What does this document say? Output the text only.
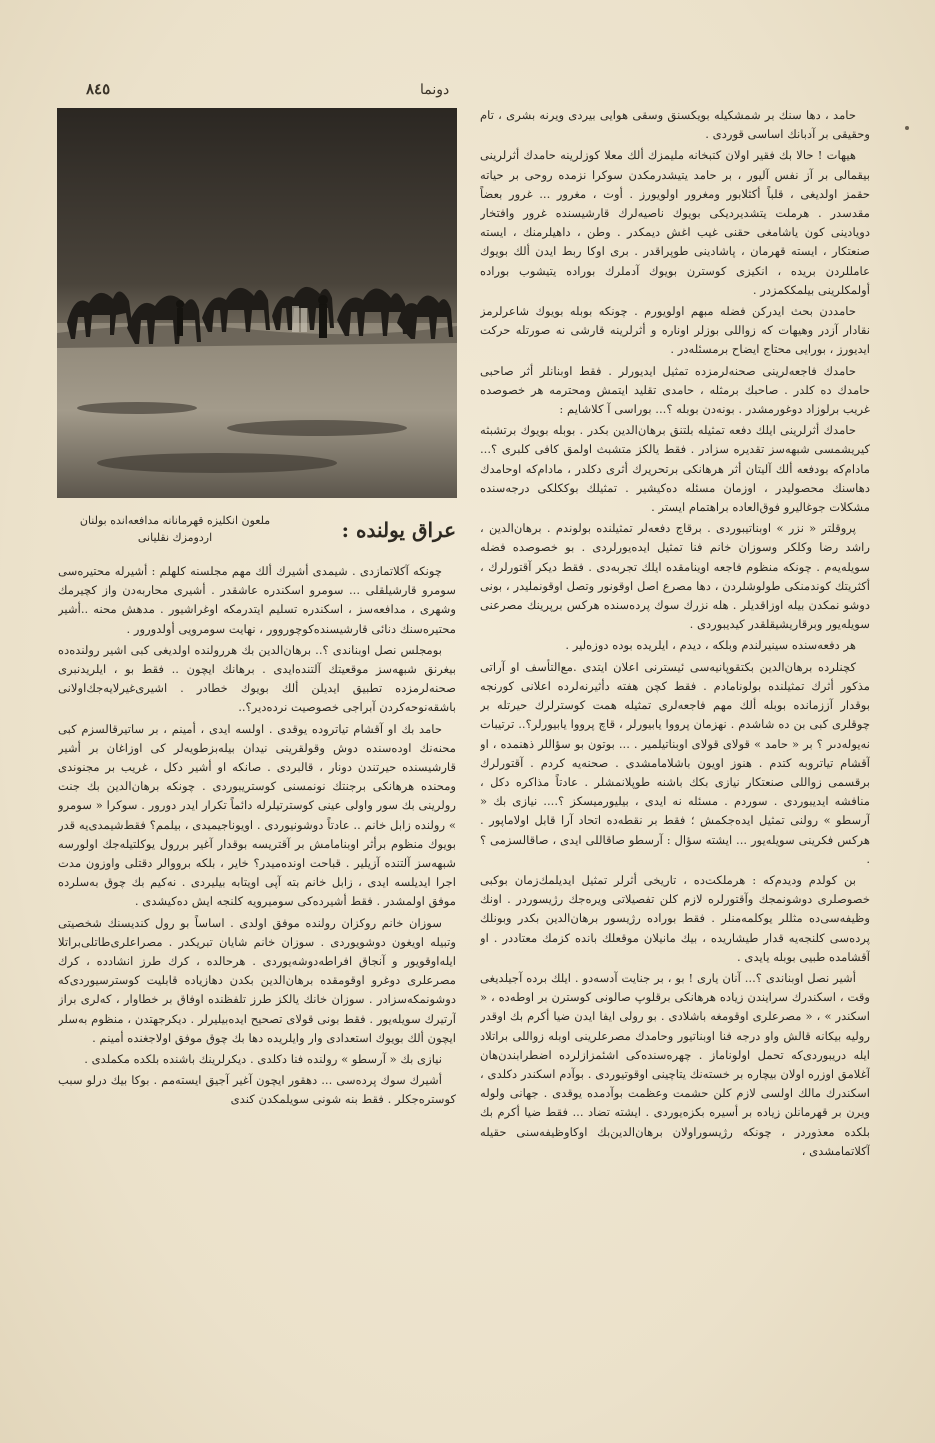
٨٤٥	دونما
عراق يولنده :
ملعون انكليزه قهرمانانه مدافعه‌انده بولنان اردومزك نقليانى

حامد ، دها سنك بر شمشكيله بويكسنق وسقى هوايى بيردى ويرنه بشرى ، تام وحقيقى بر آدبانك اساسى قوردى .

هيهات ! حالا بك فقير اولان كتبخانه ملیمزك ألك معلا كوزلرينه حامدك أثرلرينى بيقمالى بر آز نفس آليور ، بر حامد يتيشدرمكدن سوكرا نزمده روحى بر حياته حقمز اولديغى ، قلباً أكثلابور ومغرور اولويورز . أوت ، مغرور ... غرور بعضاً مقدسدر . هرملت يتشديرديكى بويوك ناصيه‌لرك قارشيسنده غرور وافتخار دويادينى كون ياشامغى حقنى غيب اغش دیمکدر . وطن ، داهيلرمنك ، ايسته صنعتكار ، ايسته قهرمان ، پاشادينى طوپراقدر . برى اوكا ربط ايدن ألك بويوك عامللردن بريده ، انكيزى كوسترن بويوك آدملرك بوراده يتيشوب بوراده أولمكلرينى بيلمككمزدر .

حامددن بحث ايدركن فضله مبهم اولويورم . چونكه بوبله بويوك شاعرلرمز نقادار آزدر وهيهات كه زواللى بوزلر اوناره و أثرلرينه قارشى نه صورتله حركت ايديورز ، بورايى محتاج ايضاح برمسئله‌در .

حامدك فاجعه‌لرينى صحنه‌لرمزده تمثيل ايديورلر . فقط اوبنانلر أثر صاحبى حامدك ده كلدر . صاحبك برمثله ، حامدى تقليد ايتمش ومحترمه هر خصوصده غريب برلوزاد دوغورمشدر . بونه‌دن بوبله ؟... بوراسى آ كلاشايم :

حامدك أثرلرينى ايلك دفعه تمثيله بلتنق برهان‌الدين بكدر . بوبله بويوك برتشبثه كيريشمسى شبهه‌سز تقديره سزادر . فقط يالكز متشبث اولمق كافى كلبرى ؟... مادام‌كه بودفعه ألك آليتان أثر هرهانكى برتحريرك أثرى دكلدر ، مادام‌كه اوحامدك دهاسنك محصوليدر ، اوزمان مسئله ده‌كيشير . تمثيلك بوككلكى درجه‌سنده مشكلات جوغاليرو فوق‌العاده براهتمام ايستر .

پروقلتر « نزر » اوبناتيبوردى . برقاج دفعه‌لر تمثيلنده بولوندم . برهان‌الدين ، راشد رضا وكلكر وسوزان خانم فنا تمثيل ايده‌يورلردى . بو خصوصده فضله سويله‌يه‌م . چونكه منظوم فاجعه اوينامقده ايلك تجربه‌دى . فقط ديكر آقتورلرك ، أكثريتك كوندمنكى طولوشلردن ، دها مصرع اصل اوقونور وتصل اوقونمليدر ، بونى دوشو نمكدن بيله اوزاقديلر . هله نزرك سوك پرده‌سنده هركس برپرينك مصرعنى سويله‌يور وبرقاريشيقلقدر كيديبوردى .

هر دفعه‌سنده سينيرلندم وبلكه ، ديدم ، ايلريده بوده دوزه‌لير .

كچنلرده برهان‌الدين بكتقوپانيه‌سى ئيسترنى اعلان ايتدى .مع‌التأسف او آراتى مذكور أثرك تمثيلنده بولونامادم . فقط كچن هفته دأثيرنه‌لرده اعلانى كورنجه بوقدار آززمانده بوبله ألك مهم فاجعه‌لرى تمثيله همت كوسترلرك حيرتله بر چوقلرى كبى بن ده شاشدم . نهزمان پرووا يابيورلر ، قاچ پرووا يابيورلر؟.. ترتيبات نه‌يوله‌دىر ؟ بر « حامد » قولاى قولاى اوبناتيلمير . ... بوتون بو سؤاللر ذهنمده ، او آقشام تياتروبه كتدم . هنوز اويون باشلامامشدى . صحنه‌يه كردم . آقتورلرك برقسمى زواللى صنعتكار نيازى بكك باشنه طوپلانمشلر . عادتاً مذاكره دكل ، منافشه ايديبوردى . سوردم . مسئله نه ايدى ، بيليورميسكز ؟.... نيازى بك « آرسطو » رولنى تمثيل ايده‌جكمش ؛ فقط بر نقطه‌ده اتحاد آرا قابل اولاماپور . هركس فكرينى سويله‌يور ... ايشته سؤال : آرسطو صاقاللى ايدى ، صاقالسزمى ؟ .

بن كولدم وديدم‌كه : هرملكت‌ده ، تاريخى أثرلر تمثيل ايديلمك‌زمان بوكبى خصوصلرى دوشونمجك وآقتورلره لازم كلن تفصيلاتى ويره‌جك رژيسوردر . اونك وظيفه‌سى‌ده مثللر يوكلمه‌منلر . فقط بوراده رژيسور برهان‌الدين بكدر وبونلك پرده‌سى كلنجه‌يه قدار طيشاريده ، بيك مانيلان موقعلك بانده كزمك معتاددر . او آقشامده طبيى بوبله يايدى .

أشير نصل اوبناندى ؟... آنان يارى ! بو ، بر جنايت آدسه‌دو . ايلك برده آجيلديغى وقت ، اسكندرك سرايندن زياده هرهانكى برقلوپ صالونى كوسترن بر اوطه‌ده ، « اسكندر » ، « مصرعلرى اوقومغه باشلادى . بو رولى ايفا ايدن ضيا أكرم بك اوقدر روليه بيكانه قالش واو درجه فنا اوبناتيور وحامدك مصرعلرينى اوبله زواللى براتلاد ايله دريبوردى‌كه تحمل اولوناماز . چهره‌سنده‌كى اشئمزازلرده اضطرابندن‌هان آغلامق اوزره اولان بيچاره بر خسته‌نك يتاچينى اوقوتيوردى . بوآدم اسكندر دكلدى ، اسكندرك مالك اولسى لازم كلن حشمت وعظمت بوآدمده يوقدى . جهانى ولوله ويرن بر قهرمانلن زياده بر أسيره بكزه‌يوردى . ايشته تضاد ... فقط ضيا أكرم بك بلكده معذوردر ، چونكه رژيسوراولان برهان‌الدين‌بك اوكاوظيفه‌سنى حقيله آكلاتمامشدى ،

چونكه آكلاتمازدى . شيمدى أشيرك ألك مهم مجلسنه كلهلم : أشيرله محتيره‌سى سومرو قارشيلقلى ... سومرو اسكندره عاشقدر . أشيرى محاربه‌دن واز كچيرمك وشهرى ، مدافعه‌سز ، اسكندره تسليم ايتدرمكه اوغراشيور . مدهش محنه ..أشير محتيره‌سنك دنائى قارشيسنده‌كوچوروور ، نهايت سومرويى أولدورور .

بومجلس نصل اوبناندى ؟.. برهان‌الدين بك هررولنده اولديغى كبى اشير رولنده‌ده بيغرنق شبهه‌سز موقعيتك آلتنده‌ايدى . برهانك ايچون .. فقط بو ، ايلريدنبرى صحنه‌لرمزده تطبيق ايديلن ألك بويوك خطادر . اشيرى‌غيرلايه‌جك‌اولانى باشقه‌نوحه‌كردن آبراجى خصوصيت نرده‌دير؟..

حامد بك او آقشام تياتروده يوقدى . اولسه ايدى ، أمينم ، بر ساتيرقالسزم كبى محنه‌نك اوده‌سنده دوش وقولقرينى نيدان بيله‌بزطويه‌لر كى اوزاغان بر أشير قارشيسنده حيرتندن دونار ، قالبردى . صانكه او أشير دكل ، غريب بر مجنوندى ومحنده هرهانكى برجنتك نونمسنى كوستريبوردى . چونكه برهان‌الدين بك جنت رولرينى بك سور واولى عينى كوسترتيلرله دائماً تكرار ايدر دورور . سوكرا « سومرو » رولنده زابل خانم .. عادتاً دوشونيوردى . اويوناجيميدى ، بيلمم؟ فقط‌شيمدى‌يه قدر بويوك منظوم برأثر اوبنامامش بر آقتريسه بوقدار آغير بررول يوكلتيله‌جك اولورسه شبهه‌سز آلتنده آزيلير . قباحت اونده‌ميدر؟ خاير ، بلكه برووالر دقتلى واوزون مدت اجرا ايديلسه ايدى ، زابل خانم بته آپى اويتابه بيليردى . نه‌كيم بك چوق به‌سلرده موفق اولمشدر . فقط أشيرده‌كى سوميرويه كلنجه ايش ده‌كيشدى .

سوزان خانم روكزان رولنده موفق اولدى . اساساً بو رول كنديسنك شخصيتى وتبيله اويغون دوشويوردى . سوزان خانم شايان تبريكدر . مصراعلرى‌طاتلى‌براتلا ايله‌اوقويور و آنجاق افراطه‌دوشه‌يوردى . هرحالده ، كرك طرز انشادده ، كرك مصرعلرى دوغرو اوقومقده برهان‌الدين بكدن دهازياده قابليت كوسترسيوردى‌كه دوشونمكه‌سزادر . سوزان خانك يالكز طرز تلفظنده اوفاق بر خطاوار ، كه‌لرى براز آرتيرك سويله‌يور . فقط بونى قولاى تصحيح ايده‌بيليرلر . ديكرجهتدن ، منظوم به‌سلر ايچون ألك بويوك استعدادى وار وايلريده دها بك چوق موفق اولاجغنده أمينم .

نيازى بك « آرسطو » رولنده فنا دكلدى . ديكرلرينك باشنده بلكده مكملدى .

أشيرك سوك پرده‌سى ... دهقور ايچون آغير آجيق ايسته‌مم . بوكا بيك درلو سبب كوستره‌جكلر . فقط بنه شونى سويلمكدن كندى
